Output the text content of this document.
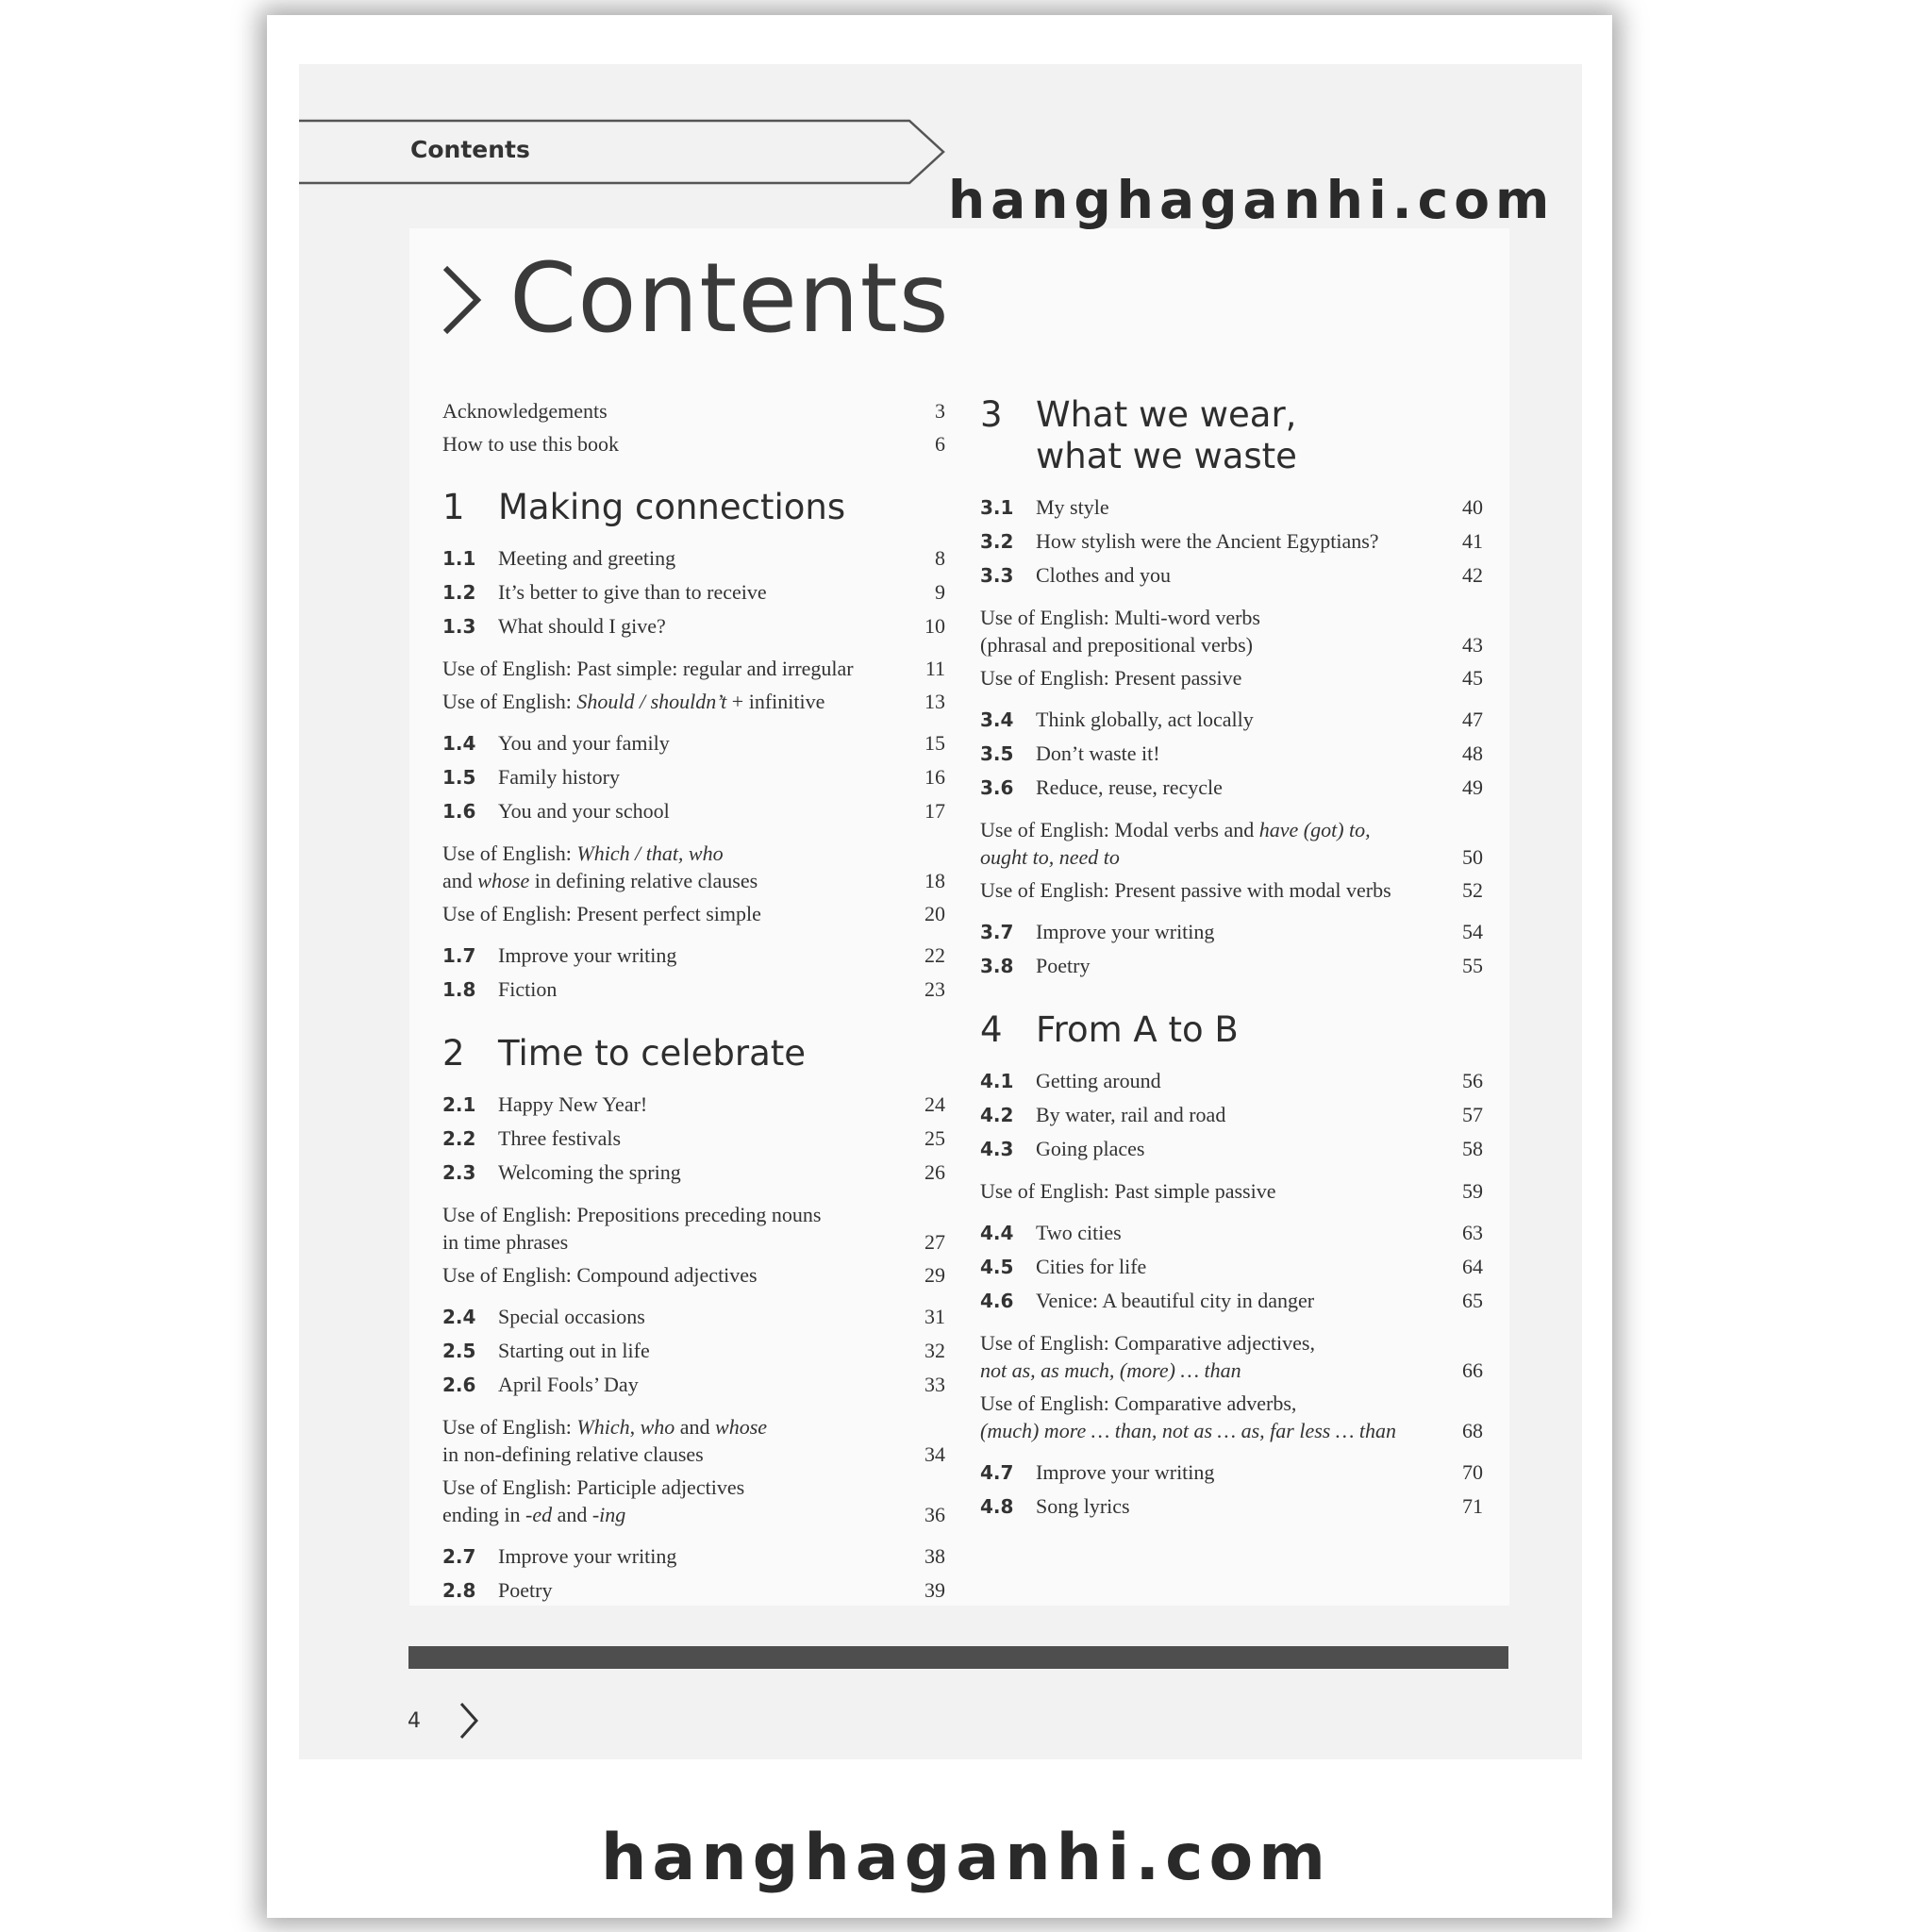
Contents
hanghaganhi.com
Contents
Acknowledgements	3
How to use this book	6
1 Making connections
1.1	Meeting and greeting	8
1.2	It’s better to give than to receive	9
1.3	What should I give?	10
Use of English: Past simple: regular and irregular	11
Use of English: Should / shouldn’t + infinitive	13
1.4	You and your family	15
1.5	Family history	16
1.6	You and your school	17
Use of English: Which / that, who
and whose in defining relative clauses	18
Use of English: Present perfect simple	20
1.7	Improve your writing	22
1.8	Fiction	23
2 Time to celebrate
2.1	Happy New Year!	24
2.2	Three festivals	25
2.3	Welcoming the spring	26
Use of English: Prepositions preceding nouns
in time phrases	27
Use of English: Compound adjectives	29
2.4	Special occasions	31
2.5	Starting out in life	32
2.6	April Fools’ Day	33
Use of English: Which, who and whose
in non-defining relative clauses	34
Use of English: Participle adjectives
ending in -ed and -ing	36
2.7	Improve your writing	38
2.8	Poetry	39
3 What we wear,
what we waste
3.1	My style	40
3.2	How stylish were the Ancient Egyptians?	41
3.3	Clothes and you	42
Use of English: Multi-word verbs
(phrasal and prepositional verbs)	43
Use of English: Present passive	45
3.4	Think globally, act locally	47
3.5	Don’t waste it!	48
3.6	Reduce, reuse, recycle	49
Use of English: Modal verbs and have (got) to,
ought to, need to	50
Use of English: Present passive with modal verbs	52
3.7	Improve your writing	54
3.8	Poetry	55
4 From A to B
4.1	Getting around	56
4.2	By water, rail and road	57
4.3	Going places	58
Use of English: Past simple passive	59
4.4	Two cities	63
4.5	Cities for life	64
4.6	Venice: A beautiful city in danger	65
Use of English: Comparative adjectives,
not as, as much, (more) … than	66
Use of English: Comparative adverbs,
(much) more … than, not as … as, far less … than	68
4.7	Improve your writing	70
4.8	Song lyrics	71
4
hanghaganhi.com
